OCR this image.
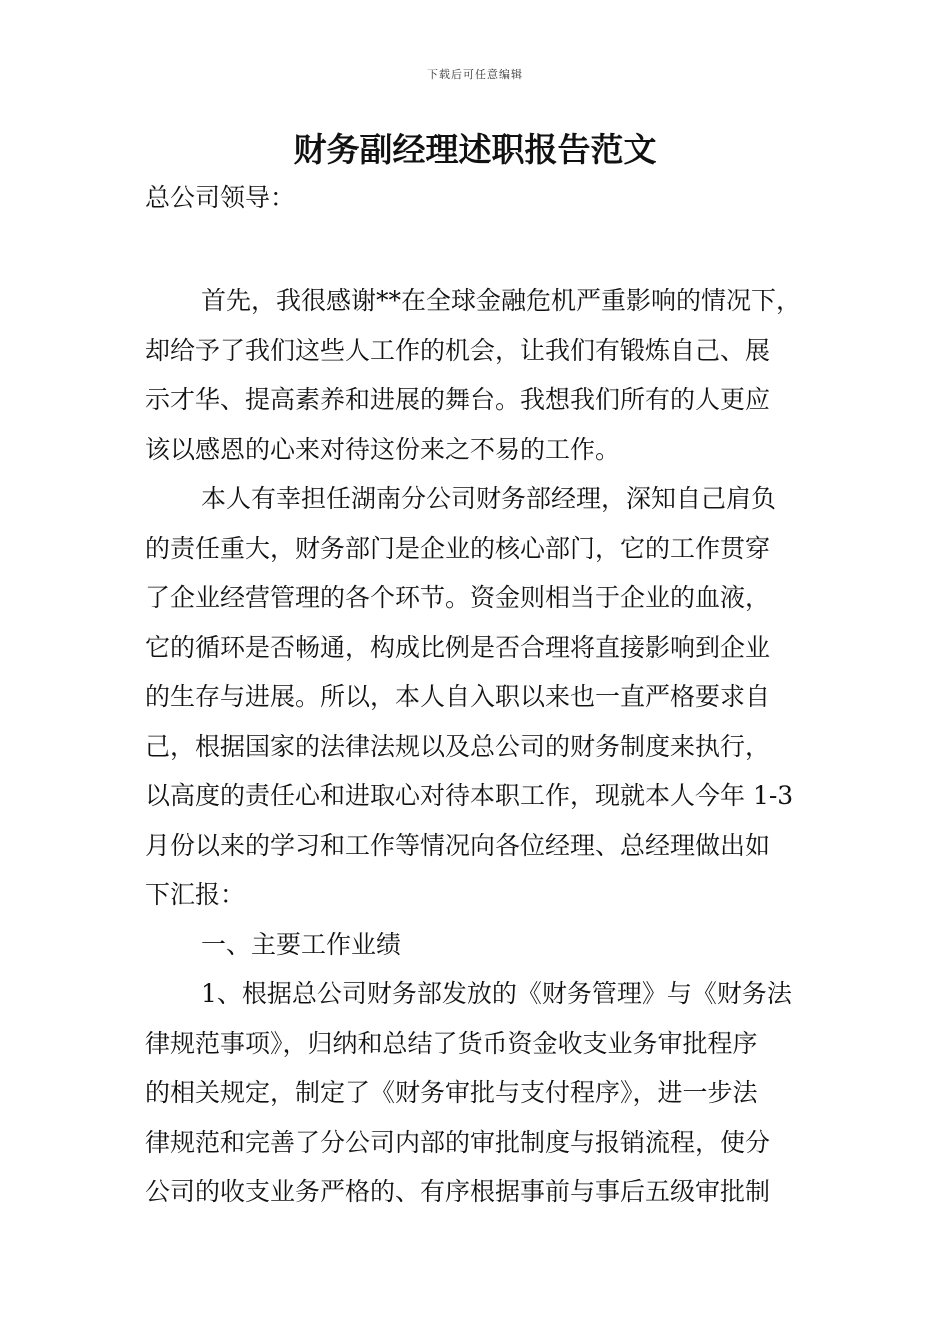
下载后可任意编辑
财务副经理述职报告范文
总公司领导：
首先，我很感谢**在全球金融危机严重影响的情况下，
却给予了我们这些人工作的机会，让我们有锻炼自己、展
示才华、提高素养和进展的舞台。我想我们所有的人更应
该以感恩的心来对待这份来之不易的工作。
本人有幸担任湖南分公司财务部经理，深知自己肩负
的责任重大，财务部门是企业的核心部门，它的工作贯穿
了企业经营管理的各个环节。资金则相当于企业的血液，
它的循环是否畅通，构成比例是否合理将直接影响到企业
的生存与进展。所以，本人自入职以来也一直严格要求自
己，根据国家的法律法规以及总公司的财务制度来执行，
以高度的责任心和进取心对待本职工作，现就本人今年 1-3
月份以来的学习和工作等情况向各位经理、总经理做出如
下汇报：
一、主要工作业绩
1、根据总公司财务部发放的《财务管理》与《财务法
律规范事项》，归纳和总结了货币资金收支业务审批程序
的相关规定，制定了《财务审批与支付程序》，进一步法
律规范和完善了分公司内部的审批制度与报销流程，使分
公司的收支业务严格的、有序根据事前与事后五级审批制
